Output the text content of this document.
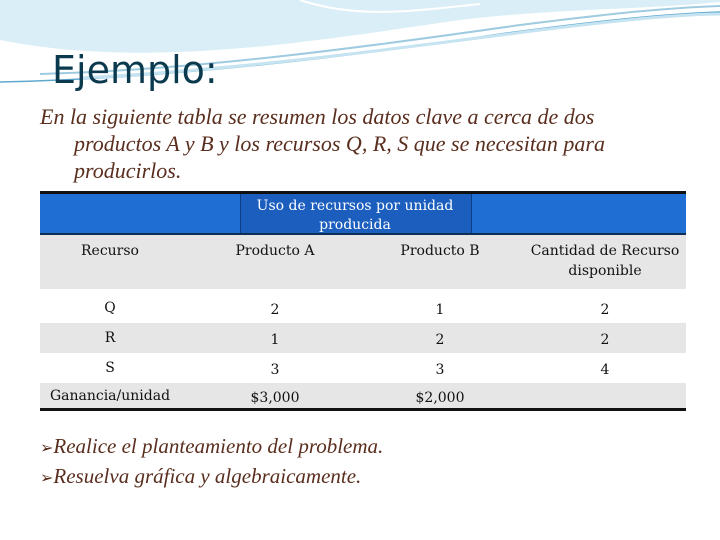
Ejemplo:
En la siguiente tabla se resumen los datos clave a cerca de dos
productos A y B y los recursos Q, R, S que se necesitan para
producirlos.
Uso de recursos por unidad producida
Recurso	Producto A	Producto B	Cantidad de Recurso disponible
Q	2	1	2
R	1	2	2
S	3	3	4
Ganancia/unidad	$3,000	$2,000
➢Realice el planteamiento del problema.
➢Resuelva gráfica y algebraicamente.
